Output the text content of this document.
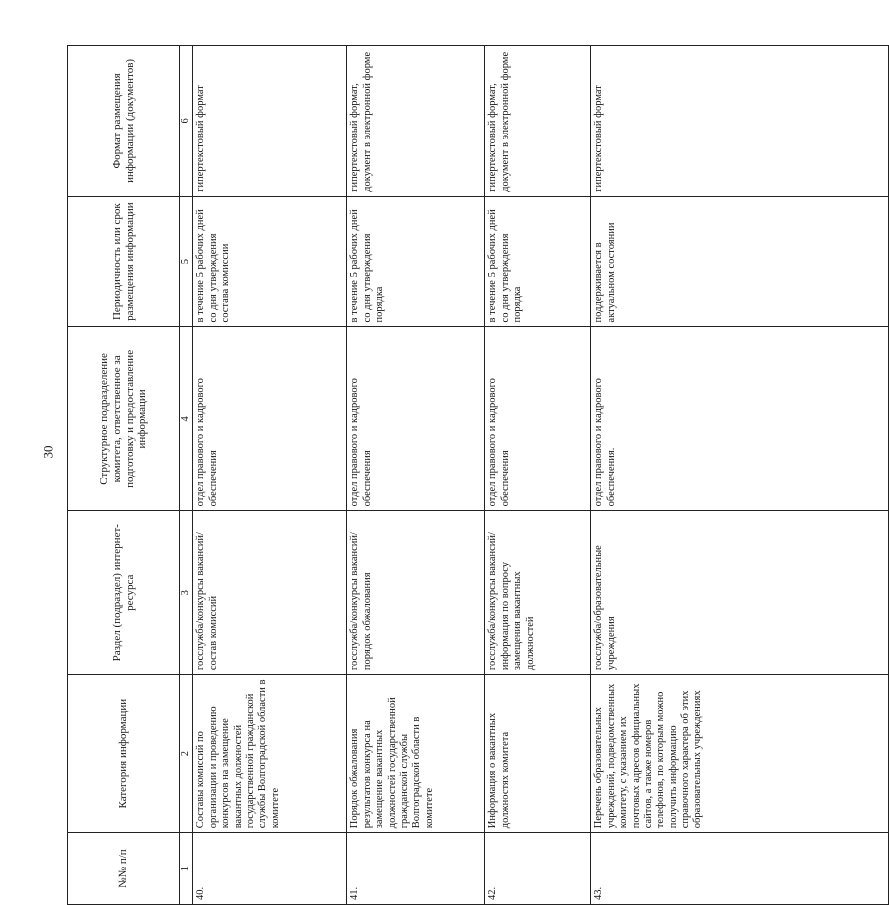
30
№№ п/п	Категория информации	Раздел (подраздел) интернет-ресурса	Структурное подразделение комитета, ответственное за подготовку и предоставление информации	Периодичность или срок размещения информации	Формат размещения информации (документов)
1	2	3	4	5	6
40.	Составы комиссий по организации и проведению конкурсов на замещение вакантных должностей государственной гражданской службы Волгоградской области в комитете	госслужба/конкурсы вакансий/состав комиссий	отдел правового и кадрового обеспечения	в течение 5 рабочих дней со дня утверждения состава комиссии	гипертекстовый формат
41.	Порядок обжалования результатов конкурса на замещение вакантных должностей государственной гражданской службы Волгоградской области в комитете	госслужба/конкурсы вакансий/порядок обжалования	отдел правового и кадрового обеспечения	в течение 5 рабочих дней со дня утверждения порядка	гипертекстовый формат, документ в электронной форме
42.	Информация о вакантных должностях комитета	госслужба/конкурсы вакансий/информация по вопросу замещения вакантных должностей	отдел правового и кадрового обеспечения	в течение 5 рабочих дней со дня утверждения порядка	гипертекстовый формат, документ в электронной форме
43.	Перечень образовательных учреждений, подведомственных комитету, с указанием их почтовых адресов официальных сайтов, а также номеров телефонов, по которым можно получить информацию справочного характера об этих образовательных учреждениях	госслужба/образовательные учреждения	отдел правового и кадрового обеспечения.	поддерживается в актуальном состоянии	гипертекстовый формат
